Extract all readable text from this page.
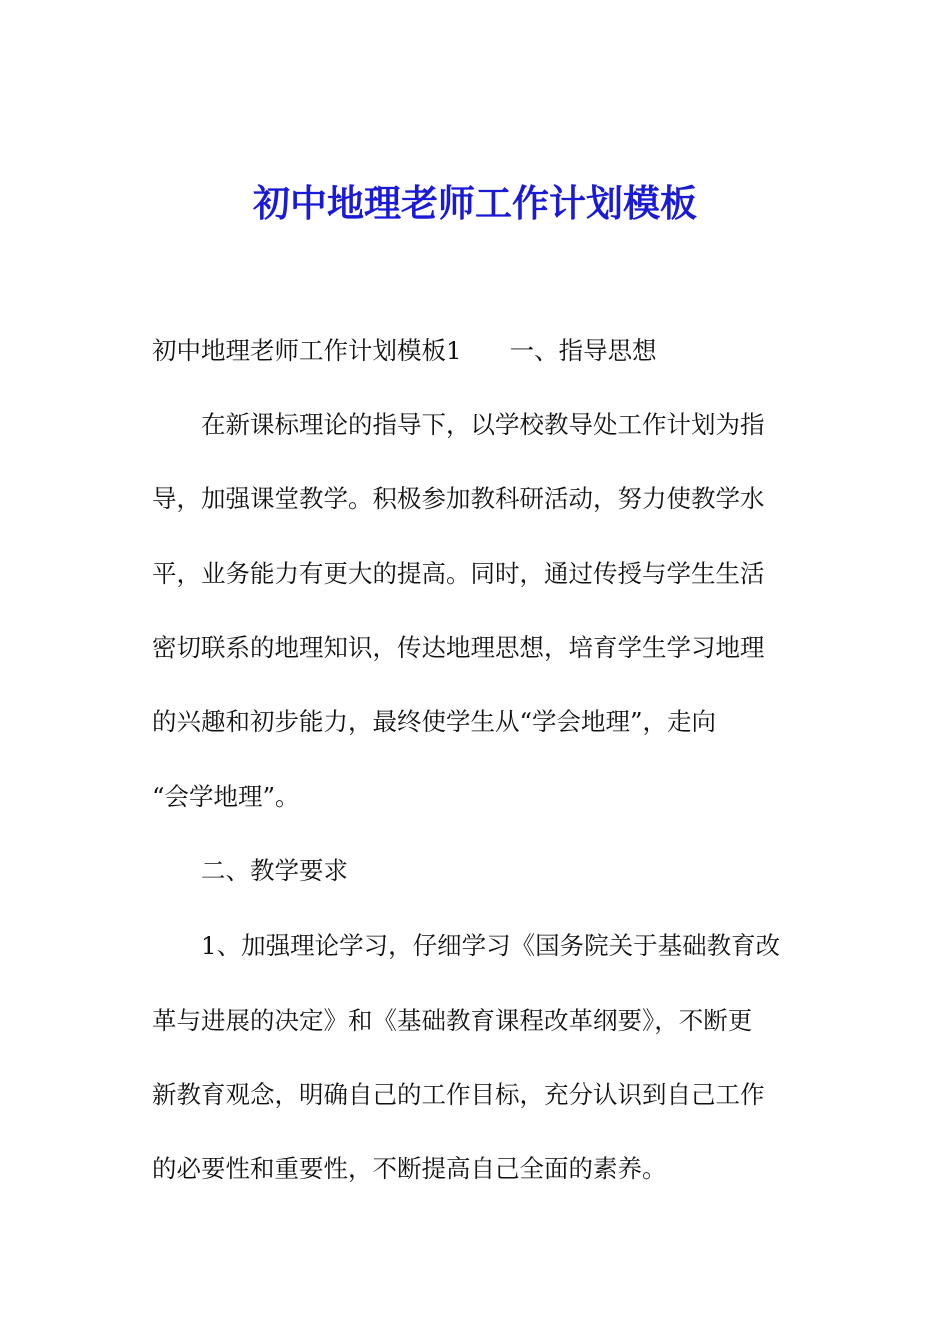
初中地理老师工作计划模板
初中地理老师工作计划模板1 一、指导思想
在新课标理论的指导下，以学校教导处工作计划为指
导，加强课堂教学。积极参加教科研活动，努力使教学水
平，业务能力有更大的提高。同时，通过传授与学生生活
密切联系的地理知识，传达地理思想，培育学生学习地理
的兴趣和初步能力，最终使学生从“学会地理”，走向
“会学地理”。
二、教学要求
1、加强理论学习，仔细学习《国务院关于基础教育改
革与进展的决定》和《基础教育课程改革纲要》，不断更
新教育观念，明确自己的工作目标，充分认识到自己工作
的必要性和重要性，不断提高自己全面的素养。
